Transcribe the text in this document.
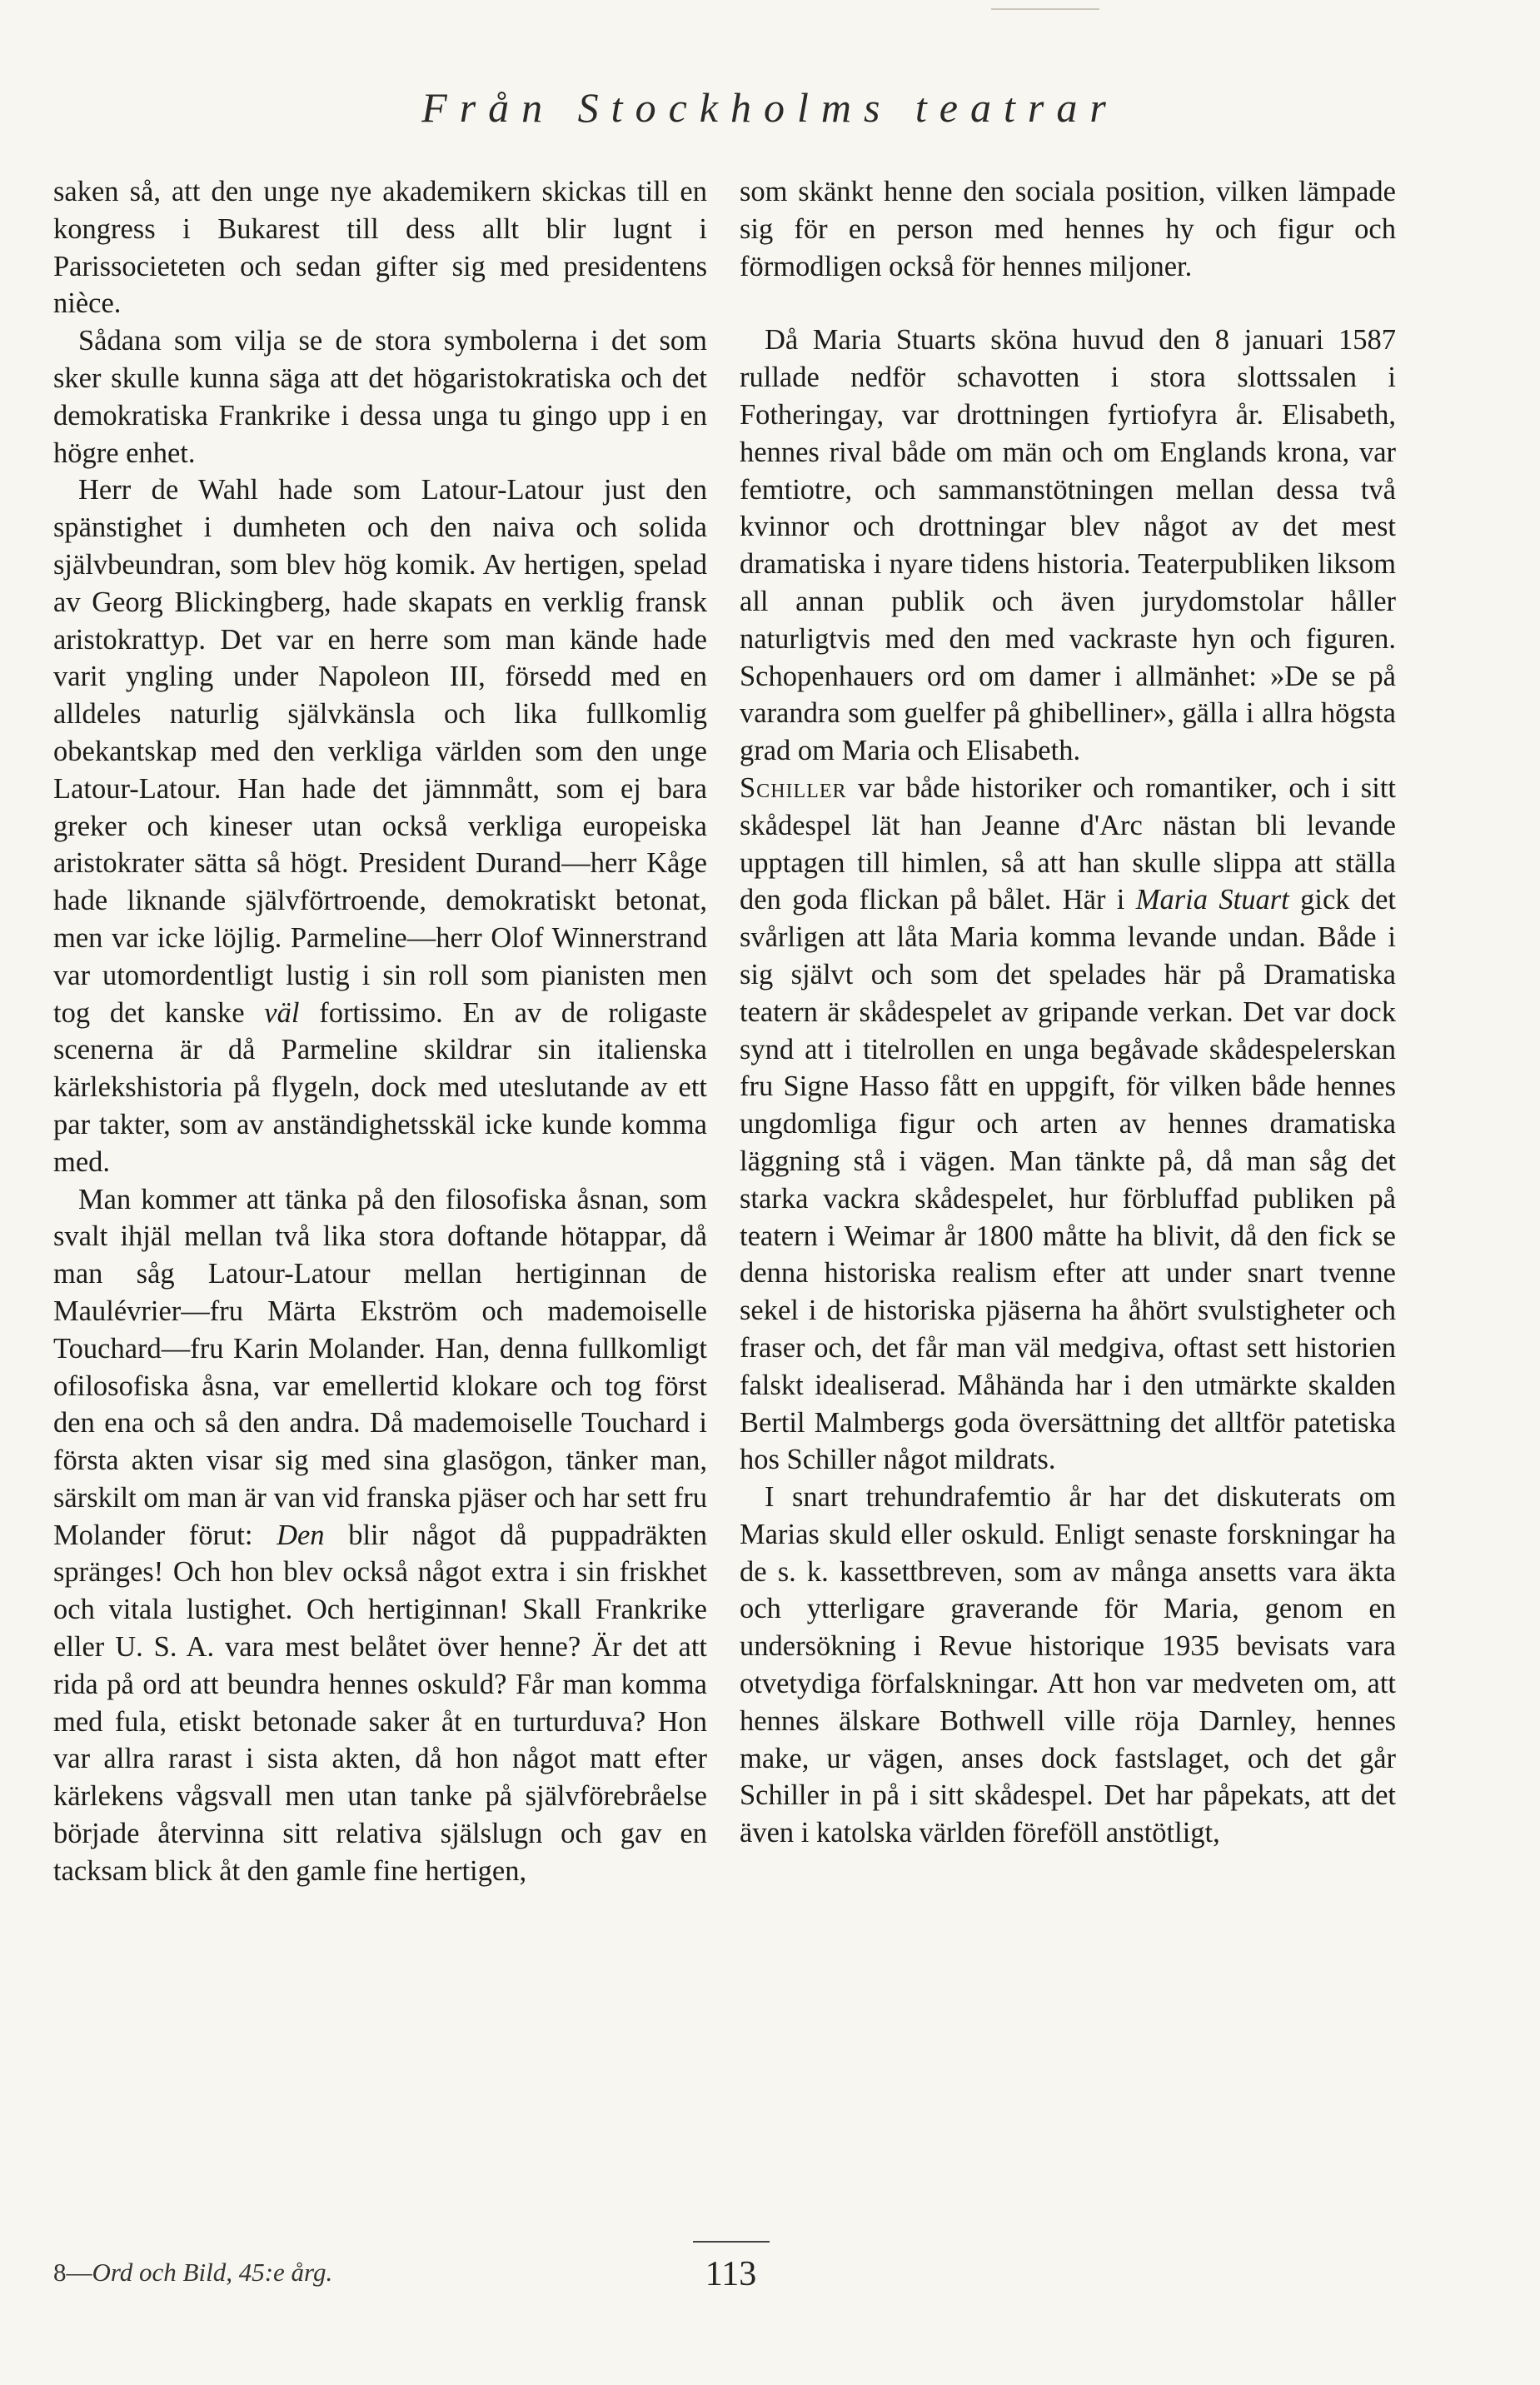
Från Stockholms teatrar

saken så, att den unge nye akademikern skickas till en kongress i Bukarest till dess allt blir lugnt i Parissocieteten och sedan gifter sig med presidentens nièce.

Sådana som vilja se de stora symbolerna i det som sker skulle kunna säga att det högaristokratiska och det demokratiska Frankrike i dessa unga tu gingo upp i en högre enhet.

Herr de Wahl hade som Latour-Latour just den spänstighet i dumheten och den naiva och solida självbeundran, som blev hög komik. Av hertigen, spelad av Georg Blickingberg, hade skapats en verklig fransk aristokrattyp. Det var en herre som man kände hade varit yngling under Napoleon III, försedd med en alldeles naturlig självkänsla och lika fullkomlig obekantskap med den verkliga världen som den unge Latour-Latour. Han hade det jämnmått, som ej bara greker och kineser utan också verkliga europeiska aristokrater sätta så högt. President Durand—herr Kåge hade liknande självförtroende, demokratiskt betonat, men var icke löjlig. Parmeline—herr Olof Winnerstrand var utomordentligt lustig i sin roll som pianisten men tog det kanske väl fortissimo. En av de roligaste scenerna är då Parmeline skildrar sin italienska kärlekshistoria på flygeln, dock med uteslutande av ett par takter, som av anständighetsskäl icke kunde komma med.

Man kommer att tänka på den filosofiska åsnan, som svalt ihjäl mellan två lika stora doftande hötappar, då man såg Latour-Latour mellan hertiginnan de Maulévrier—fru Märta Ekström och mademoiselle Touchard—fru Karin Molander. Han, denna fullkomligt ofilosofiska åsna, var emellertid klokare och tog först den ena och så den andra. Då mademoiselle Touchard i första akten visar sig med sina glasögon, tänker man, särskilt om man är van vid franska pjäser och har sett fru Molander förut: Den blir något då puppadräkten spränges! Och hon blev också något extra i sin friskhet och vitala lustighet. Och hertiginnan! Skall Frankrike eller U. S. A. vara mest belåtet över henne? Är det att rida på ord att beundra hennes oskuld? Får man komma med fula, etiskt betonade saker åt en turturduva? Hon var allra rarast i sista akten, då hon något matt efter kärlekens vågsvall men utan tanke på självförebråelse började återvinna sitt relativa själslugn och gav en tacksam blick åt den gamle fine hertigen,

som skänkt henne den sociala position, vilken lämpade sig för en person med hennes hy och figur och förmodligen också för hennes miljoner.

Då Maria Stuarts sköna huvud den 8 januari 1587 rullade nedför schavotten i stora slottssalen i Fotheringay, var drottningen fyrtiofyra år. Elisabeth, hennes rival både om män och om Englands krona, var femtiotre, och sammanstötningen mellan dessa två kvinnor och drottningar blev något av det mest dramatiska i nyare tidens historia. Teaterpubliken liksom all annan publik och även jurydomstolar håller naturligtvis med den med vackraste hyn och figuren. Schopenhauers ord om damer i allmänhet: »De se på varandra som guelfer på ghibelliner», gälla i allra högsta grad om Maria och Elisabeth.

Schiller var både historiker och romantiker, och i sitt skådespel lät han Jeanne d'Arc nästan bli levande upptagen till himlen, så att han skulle slippa att ställa den goda flickan på bålet. Här i Maria Stuart gick det svårligen att låta Maria komma levande undan. Både i sig självt och som det spelades här på Dramatiska teatern är skådespelet av gripande verkan. Det var dock synd att i titelrollen en unga begåvade skådespelerskan fru Signe Hasso fått en uppgift, för vilken både hennes ungdomliga figur och arten av hennes dramatiska läggning stå i vägen. Man tänkte på, då man såg det starka vackra skådespelet, hur förbluffad publiken på teatern i Weimar år 1800 måtte ha blivit, då den fick se denna historiska realism efter att under snart tvenne sekel i de historiska pjäserna ha åhört svulstigheter och fraser och, det får man väl medgiva, oftast sett historien falskt idealiserad. Måhända har i den utmärkte skalden Bertil Malmbergs goda översättning det alltför patetiska hos Schiller något mildrats.

I snart trehundrafemtio år har det diskuterats om Marias skuld eller oskuld. Enligt senaste forskningar ha de s. k. kassettbreven, som av många ansetts vara äkta och ytterligare graverande för Maria, genom en undersökning i Revue historique 1935 bevisats vara otvetydiga förfalskningar. Att hon var medveten om, att hennes älskare Bothwell ville röja Darnley, hennes make, ur vägen, anses dock fastslaget, och det går Schiller in på i sitt skådespel. Det har påpekats, att det även i katolska världen föreföll anstötligt,

8—Ord och Bild, 45:e årg.	113
